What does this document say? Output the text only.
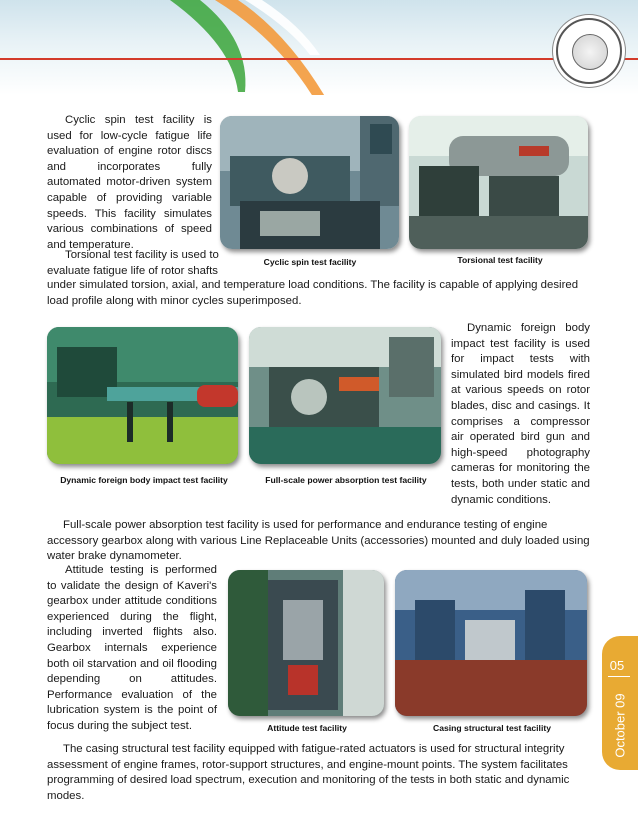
Cyclic spin test facility is used for low-cycle fatigue life evaluation of engine rotor discs and incorporates fully automated motor-driven system capable of providing variable speeds. This facility simulates various combinations of speed and temperature.

Cyclic spin test facility	Torsional test facility

Torsional test facility is used to evaluate fatigue life of rotor shafts

under simulated torsion, axial, and temperature load conditions. The facility is capable of applying desired load profile along with minor cycles superimposed.

Dynamic foreign body impact test facility	Full-scale power absorption test facility

Dynamic foreign body impact test facility is used for impact tests with simulated bird models fired at various speeds on rotor blades, disc and casings. It comprises a compressor air operated bird gun and high-speed photography cameras for monitoring the tests, both under static and dynamic conditions.

Full-scale power absorption test facility is used for performance and endurance testing of engine accessory gearbox along with various Line Replaceable Units (accessories) mounted and duly loaded using water brake dynamometer.

Attitude testing is performed to validate the design of Kaveri's gearbox under attitude conditions experienced during the flight, including inverted flights also. Gearbox internals experience both oil starvation and oil flooding depending on attitudes. Performance evaluation of the lubrication system is the point of focus during the subject test.	Attitude test facility	Casing structural test facility

The casing structural test facility equipped with fatigue-rated actuators is used for structural integrity assessment of engine frames, rotor-support structures, and engine-mount points. The system facilitates programming of desired load spectrum, execution and monitoring of the tests in both static and dynamic modes.

05
October 09
